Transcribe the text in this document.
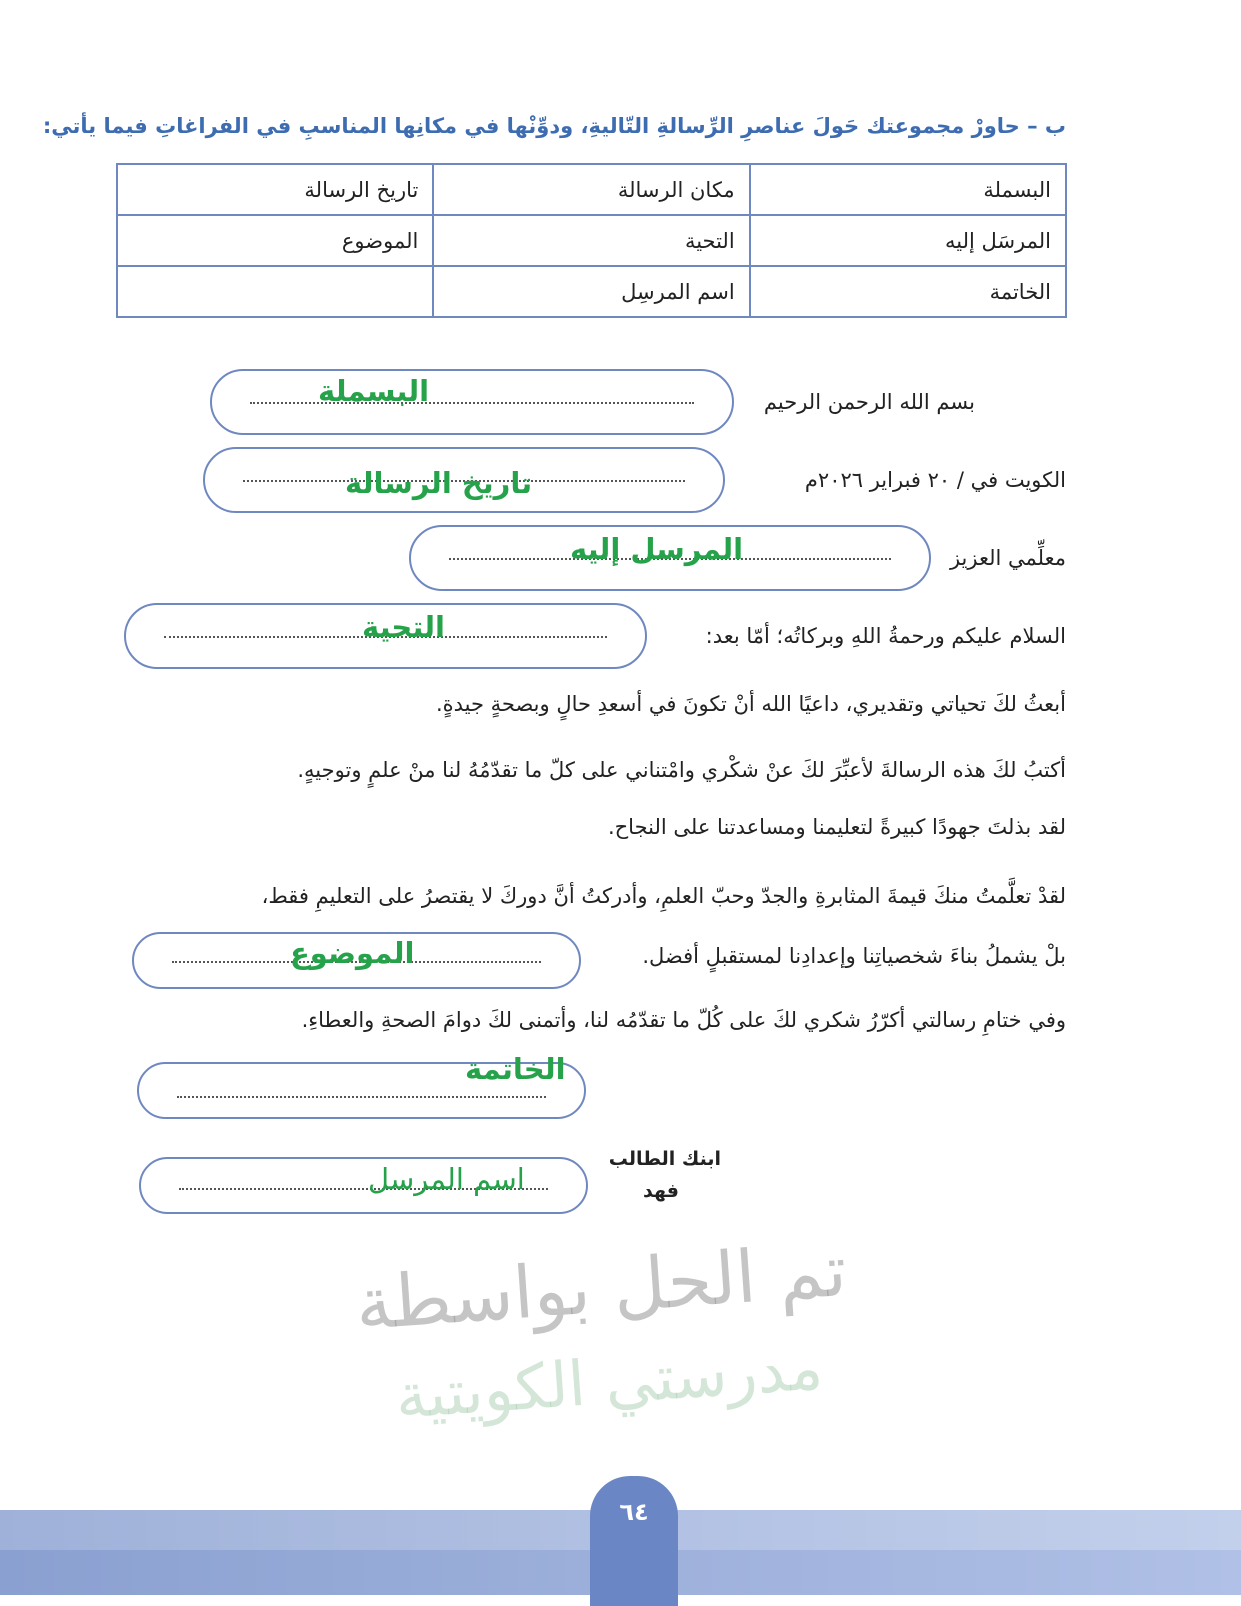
ب – حاورْ مجموعتك حَولَ عناصرِ الرِّسالةِ التّاليةِ، ودوِّنْها في مكانِها المناسبِ في الفراغاتِ فيما يأتي:
البسملة	مكان الرسالة	تاريخ الرسالة
المرسَل إليه	التحية	الموضوع
الخاتمة	اسم المرسِل	
تم الحل بواسطة
مدرستي الكويتية
بسم الله الرحمن الرحيم
البسملة
الكويت في / ٢٠ فبراير ٢٠٢٦م
تاريخ الرسالة
معلِّمي العزيز
المرسل إليه
السلام عليكم ورحمةُ اللهِ وبركاتُه؛ أمّا بعد:
التحية
أبعثُ لكَ تحياتي وتقديري، داعيًا الله أنْ تكونَ في أسعدِ حالٍ وبصحةٍ جيدةٍ.
أكتبُ لكَ هذه الرسالةَ لأعبِّرَ لكَ عنْ شكْري وامْتناني على كلّ ما تقدّمُهُ لنا منْ علمٍ وتوجيهٍ.
لقد بذلتَ جهودًا كبيرةً لتعليمنا ومساعدتنا على النجاح.
لقدْ تعلَّمتُ منكَ قيمةَ المثابرةِ والجدّ وحبّ العلمِ، وأدركتُ أنَّ دوركَ لا يقتصرُ على التعليمِ فقط،
بلْ يشملُ بناءَ شخصياتِنا وإعدادِنا لمستقبلٍ أفضل.
الموضوع
وفي ختامِ رسالتي أكرّرُ شكري لكَ على كُلّ ما تقدّمُه لنا، وأتمنى لكَ دوامَ الصحةِ والعطاءِ.
الخاتمة
ابنك الطالب
فهد
اسم المرسل
٦٤
